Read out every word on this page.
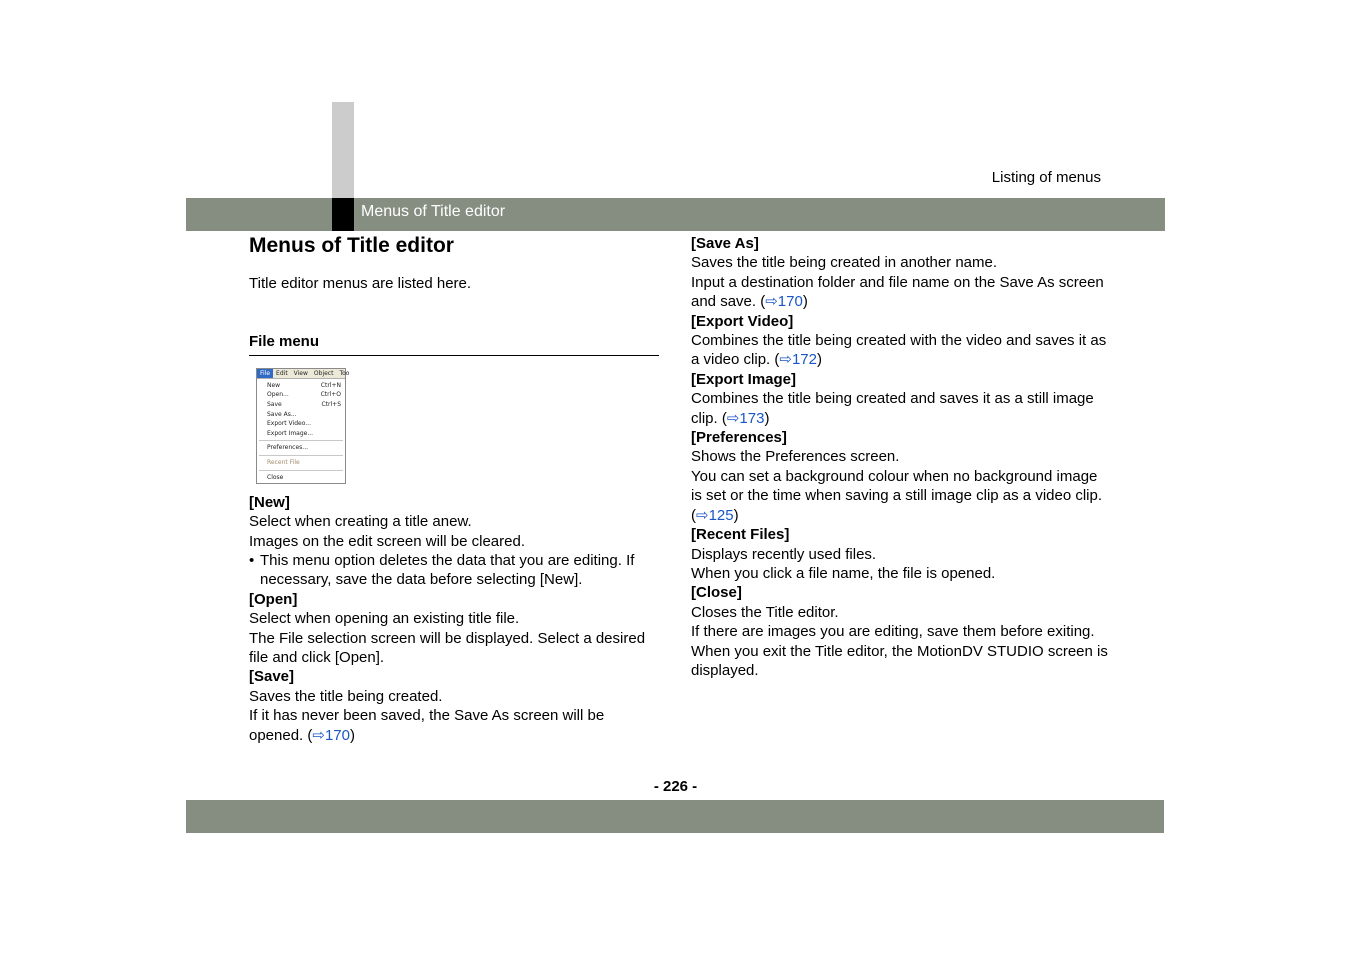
Listing of menus
Menus of Title editor
Menus of Title editor

Title editor menus are listed here.

File menu
File	Edit	View	Object	Too
New	Ctrl+N
Open...	Ctrl+O
Save	Ctrl+S
Save As...
Export Video...
Export Image...
Preferences...
Recent File
Close
[New]
Select when creating a title anew.
Images on the edit screen will be cleared.
• This menu option deletes the data that you are editing. If necessary, save the data before selecting [New].
[Open]
Select when opening an existing title file.
The File selection screen will be displayed. Select a desired file and click [Open].
[Save]
Saves the title being created.
If it has never been saved, the Save As screen will be opened. (⇨170)
[Save As]
Saves the title being created in another name.
Input a destination folder and file name on the Save As screen and save. (⇨170)
[Export Video]
Combines the title being created with the video and saves it as a video clip. (⇨172)
[Export Image]
Combines the title being created and saves it as a still image clip. (⇨173)
[Preferences]
Shows the Preferences screen.
You can set a background colour when no background image is set or the time when saving a still image clip as a video clip. (⇨125)
[Recent Files]
Displays recently used files.
When you click a file name, the file is opened.
[Close]
Closes the Title editor.
If there are images you are editing, save them before exiting.
When you exit the Title editor, the MotionDV STUDIO screen is displayed.
- 226 -
